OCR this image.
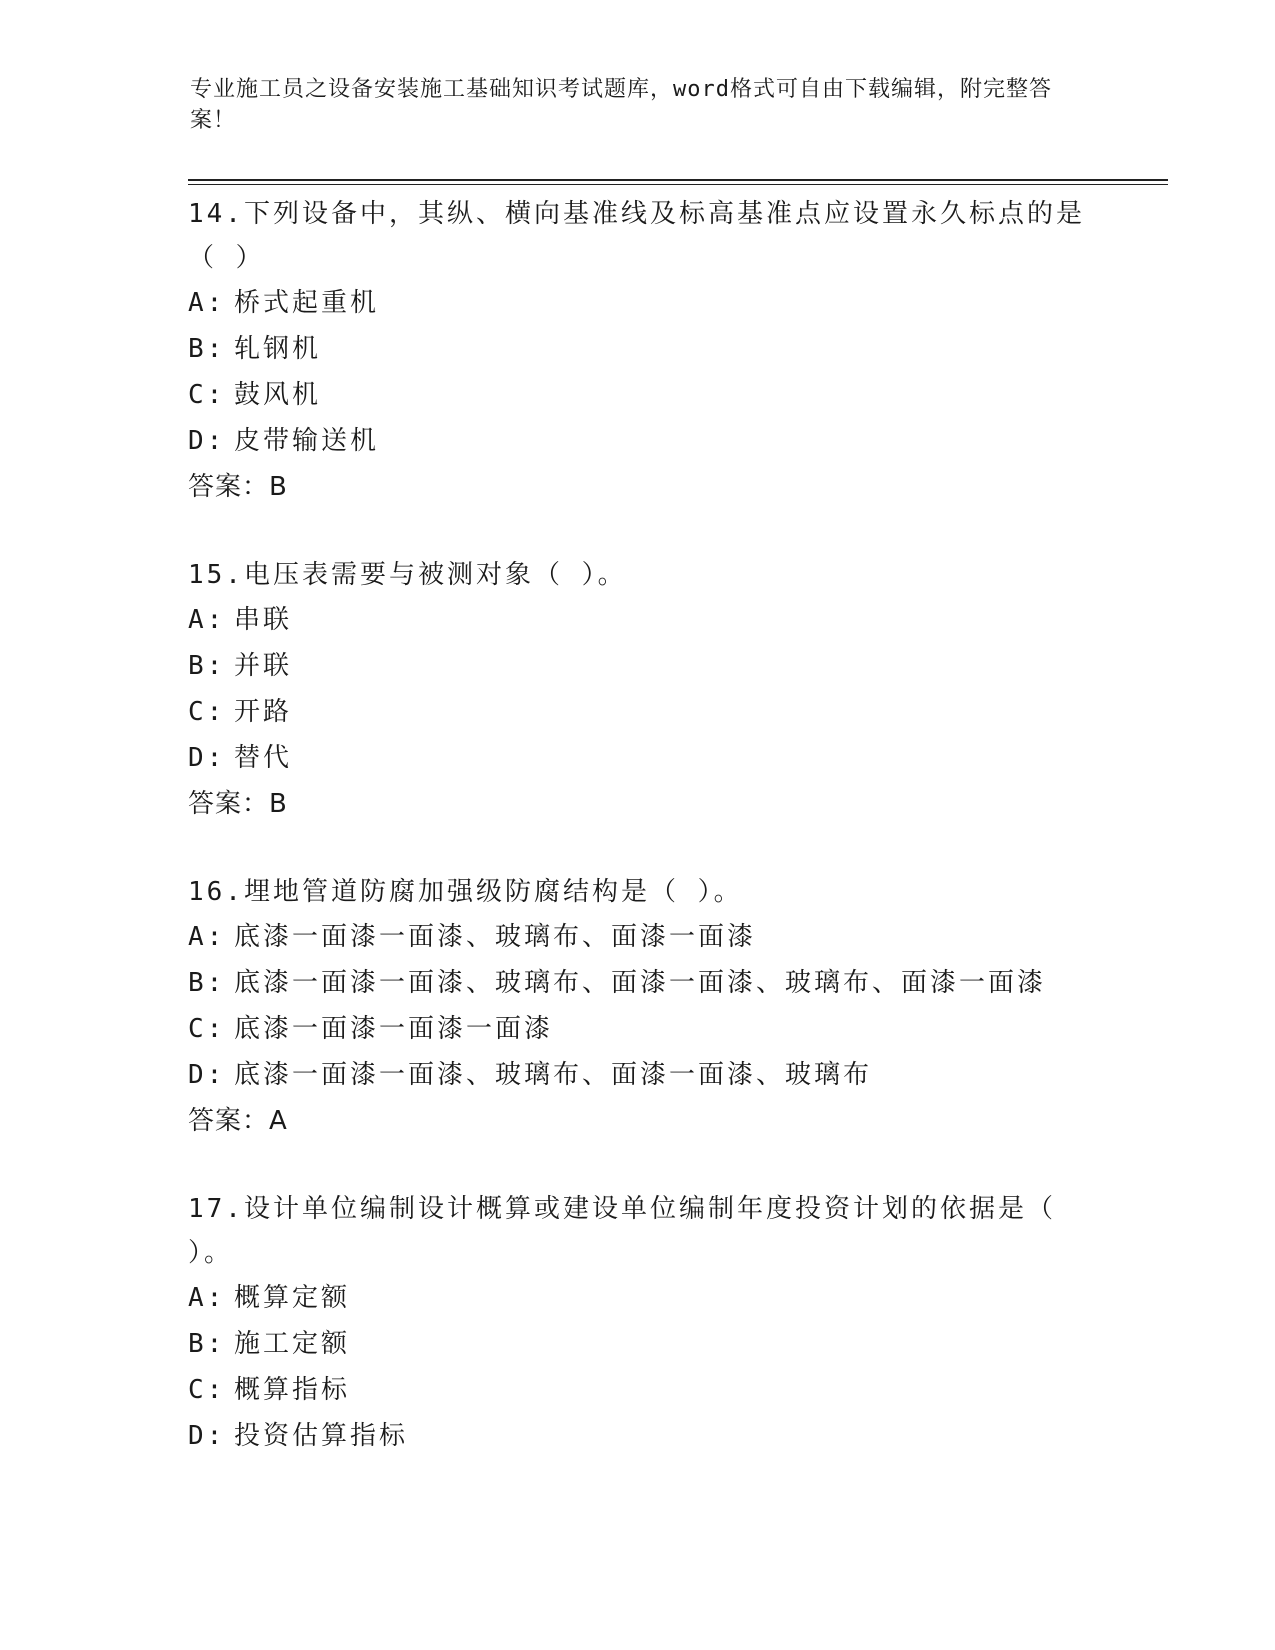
专业施工员之设备安装施工基础知识考试题库，word格式可自由下载编辑，附完整答案！

14.下列设备中，其纵、横向基准线及标高基准点应设置永久标点的是（ ）

A: 桥式起重机
B: 轧钢机
C: 鼓风机
D: 皮带输送机

答案：B

15.电压表需要与被测对象（ ）。

A: 串联
B: 并联
C: 开路
D: 替代

答案：B

16.埋地管道防腐加强级防腐结构是（ ）。

A: 底漆一面漆一面漆、玻璃布、面漆一面漆
B: 底漆一面漆一面漆、玻璃布、面漆一面漆、玻璃布、面漆一面漆
C: 底漆一面漆一面漆一面漆
D: 底漆一面漆一面漆、玻璃布、面漆一面漆、玻璃布

答案：A

17.设计单位编制设计概算或建设单位编制年度投资计划的依据是（ ）。

A: 概算定额
B: 施工定额
C: 概算指标
D: 投资估算指标
